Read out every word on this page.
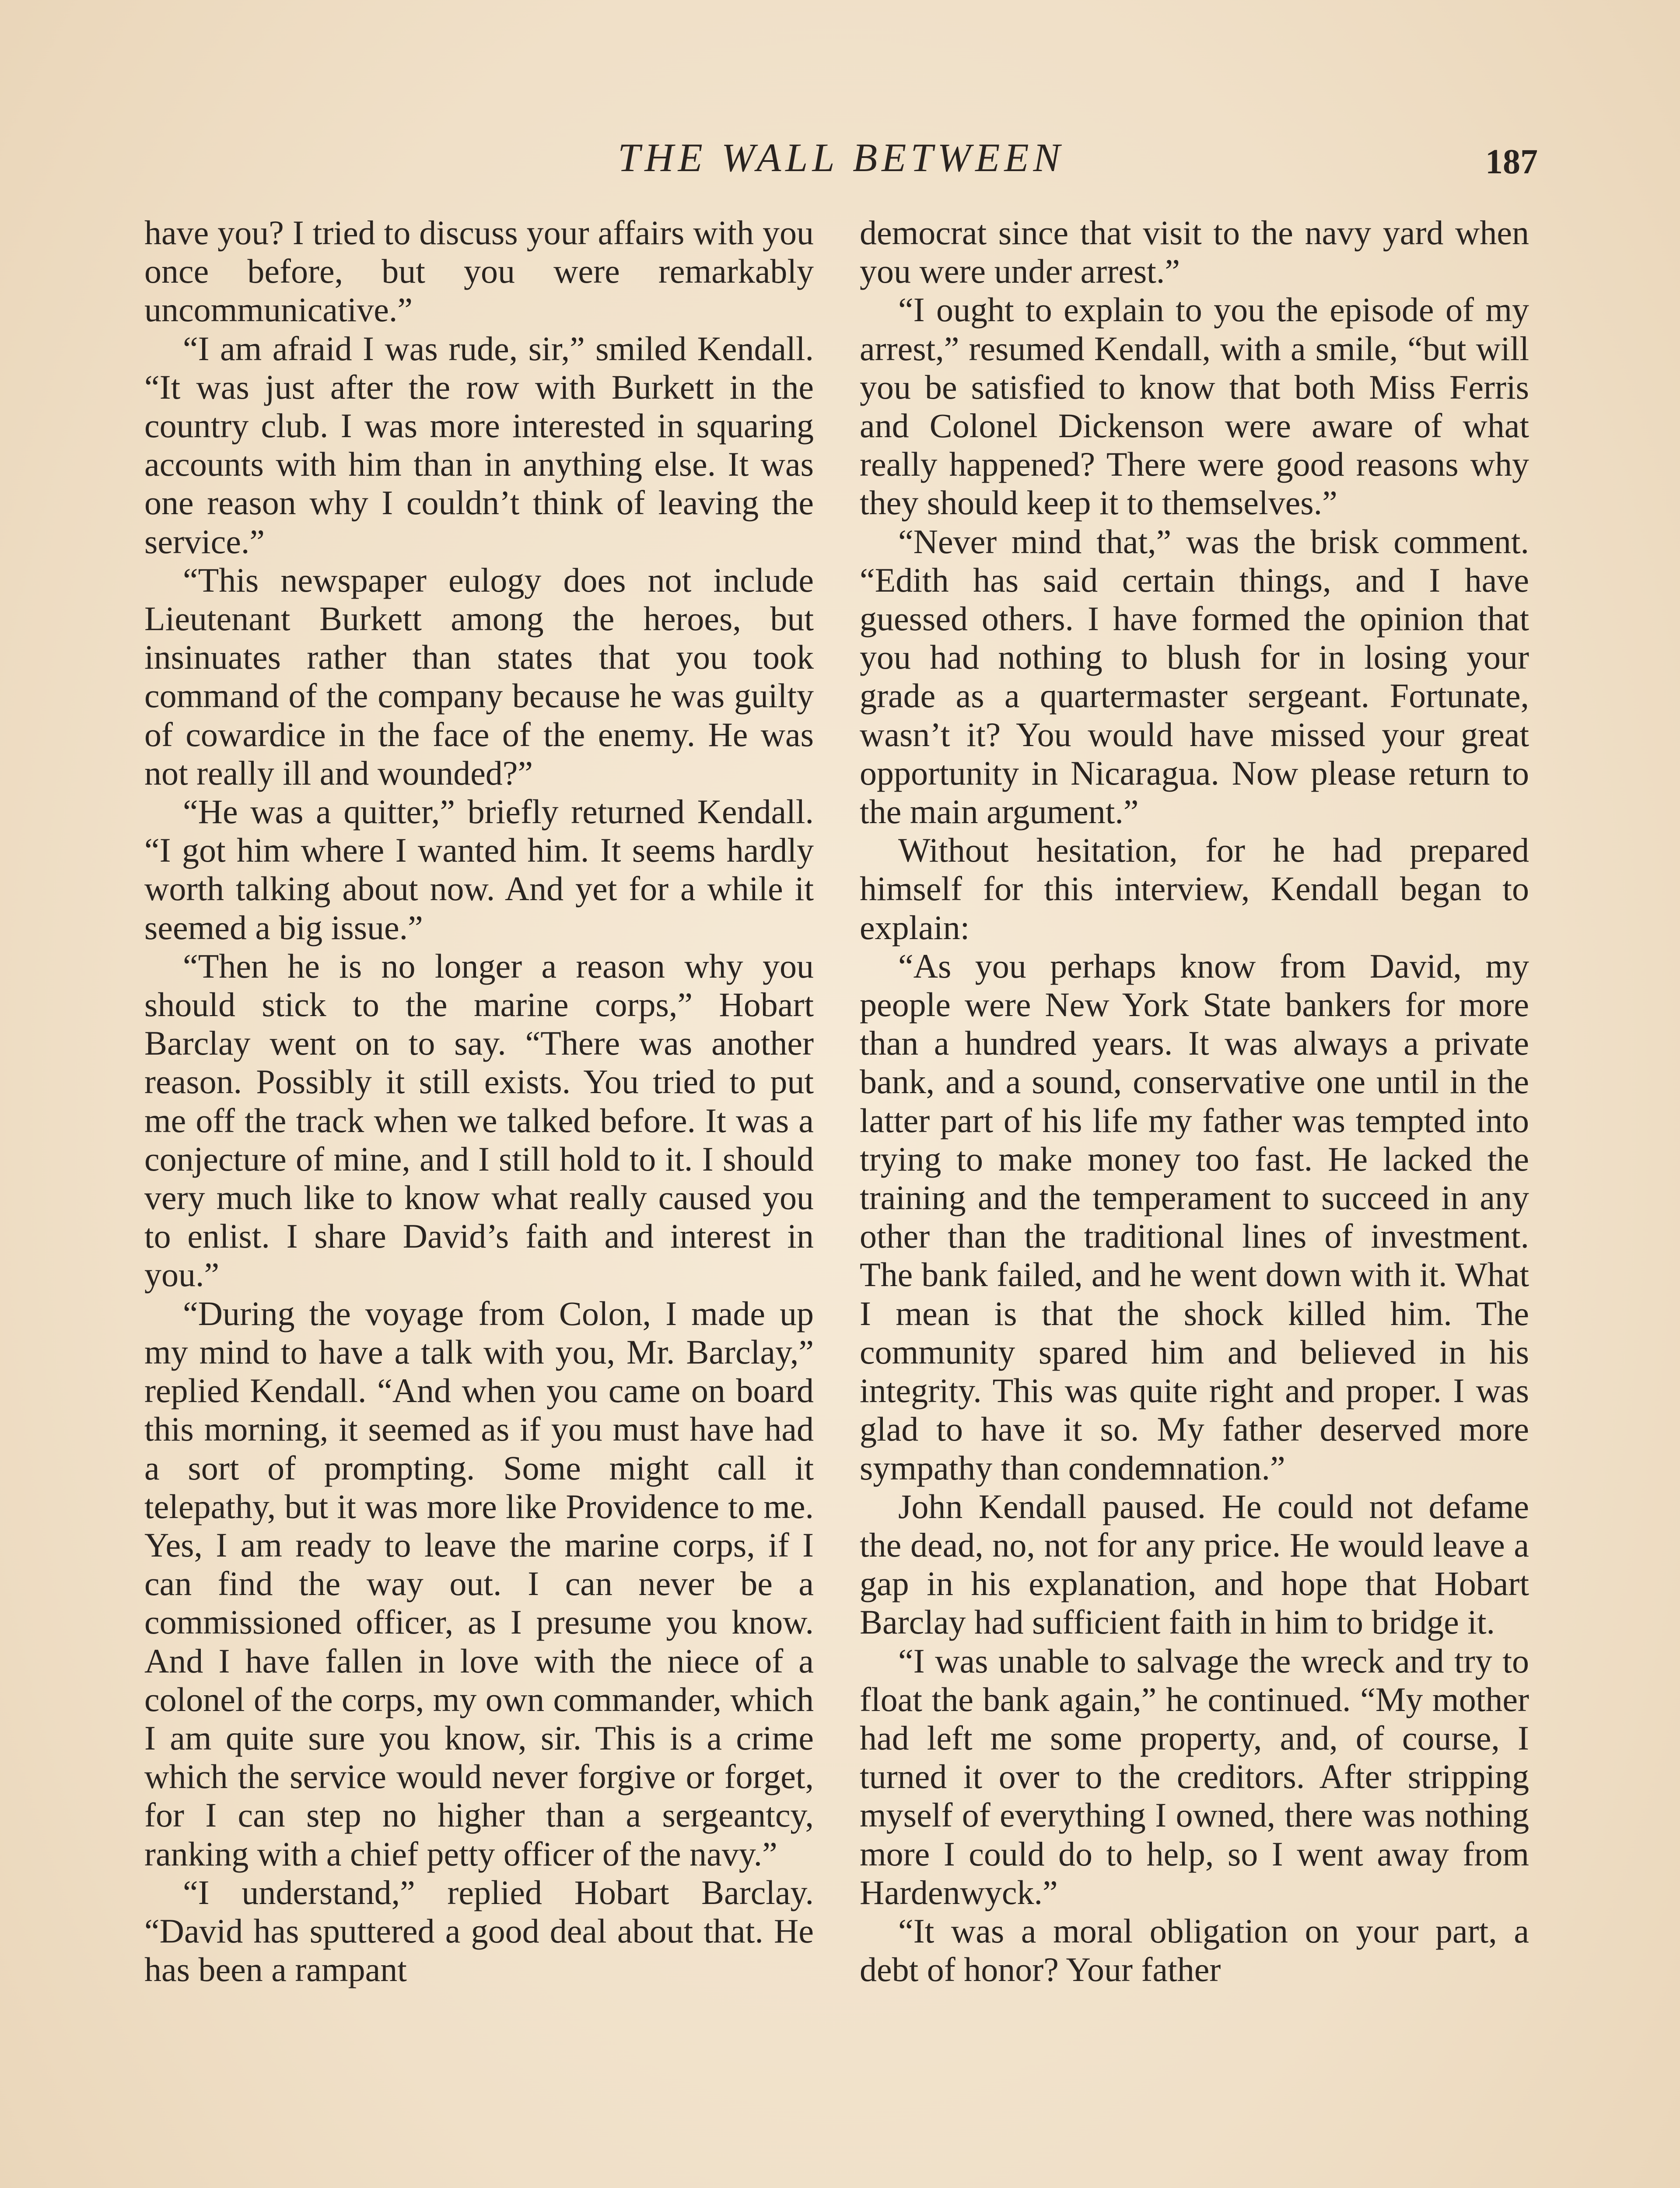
THE WALL BETWEEN	187

have you? I tried to discuss your affairs with you once before, but you were remarkably uncommunicative.”

“I am afraid I was rude, sir,” smiled Kendall. “It was just after the row with Burkett in the country club. I was more interested in squaring accounts with him than in anything else. It was one reason why I couldn’t think of leaving the service.”

“This newspaper eulogy does not include Lieutenant Burkett among the heroes, but insinuates rather than states that you took command of the company because he was guilty of cowardice in the face of the enemy. He was not really ill and wounded?”

“He was a quitter,” briefly returned Kendall. “I got him where I wanted him. It seems hardly worth talking about now. And yet for a while it seemed a big issue.”

“Then he is no longer a reason why you should stick to the marine corps,” Hobart Barclay went on to say. “There was another reason. Possibly it still exists. You tried to put me off the track when we talked before. It was a conjecture of mine, and I still hold to it. I should very much like to know what really caused you to enlist. I share David’s faith and interest in you.”

“During the voyage from Colon, I made up my mind to have a talk with you, Mr. Barclay,” replied Kendall. “And when you came on board this morning, it seemed as if you must have had a sort of prompting. Some might call it telepathy, but it was more like Providence to me. Yes, I am ready to leave the marine corps, if I can find the way out. I can never be a commissioned officer, as I presume you know. And I have fallen in love with the niece of a colonel of the corps, my own commander, which I am quite sure you know, sir. This is a crime which the service would never forgive or forget, for I can step no higher than a sergeantcy, ranking with a chief petty officer of the navy.”

“I understand,” replied Hobart Barclay. “David has sputtered a good deal about that. He has been a rampant

democrat since that visit to the navy yard when you were under arrest.”

“I ought to explain to you the episode of my arrest,” resumed Kendall, with a smile, “but will you be satisfied to know that both Miss Ferris and Colonel Dickenson were aware of what really happened? There were good reasons why they should keep it to themselves.”

“Never mind that,” was the brisk comment. “Edith has said certain things, and I have guessed others. I have formed the opinion that you had nothing to blush for in losing your grade as a quartermaster sergeant. Fortunate, wasn’t it? You would have missed your great opportunity in Nicaragua. Now please return to the main argument.”

Without hesitation, for he had prepared himself for this interview, Kendall began to explain:

“As you perhaps know from David, my people were New York State bankers for more than a hundred years. It was always a private bank, and a sound, conservative one until in the latter part of his life my father was tempted into trying to make money too fast. He lacked the training and the temperament to succeed in any other than the traditional lines of investment. The bank failed, and he went down with it. What I mean is that the shock killed him. The community spared him and believed in his integrity. This was quite right and proper. I was glad to have it so. My father deserved more sympathy than condemnation.”

John Kendall paused. He could not defame the dead, no, not for any price. He would leave a gap in his explanation, and hope that Hobart Barclay had sufficient faith in him to bridge it.

“I was unable to salvage the wreck and try to float the bank again,” he continued. “My mother had left me some property, and, of course, I turned it over to the creditors. After stripping myself of everything I owned, there was nothing more I could do to help, so I went away from Hardenwyck.”

“It was a moral obligation on your part, a debt of honor? Your father
